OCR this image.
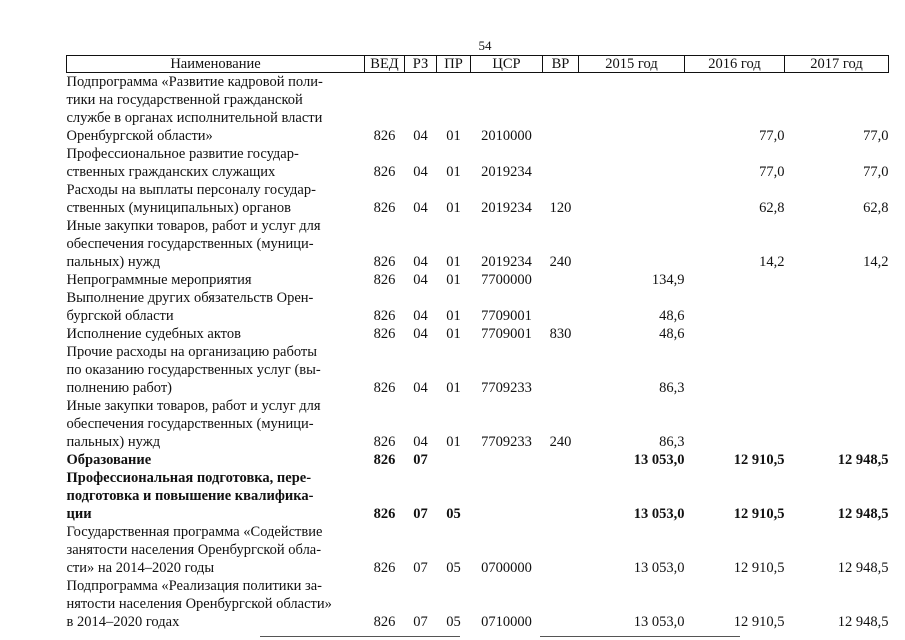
54
Наименование	ВЕД	РЗ	ПР	ЦСР	ВР	2015 год	2016 год	2017 год

Подпрограмма «Развитие кадровой поли-
тики на государственной гражданской
службе в органах исполнительной власти
Оренбургской области»	826	04	01	2010000			77,0	77,0

Профессиональное развитие государ-
ственных гражданских служащих	826	04	01	2019234			77,0	77,0

Расходы на выплаты персоналу государ-
ственных (муниципальных) органов	826	04	01	2019234	120		62,8	62,8

Иные закупки товаров, работ и услуг для
обеспечения государственных (муници-
пальных) нужд	826	04	01	2019234	240		14,2	14,2

Непрограммные мероприятия	826	04	01	7700000		134,9		

Выполнение других обязательств Орен-
бургской области	826	04	01	7709001		48,6		

Исполнение судебных актов	826	04	01	7709001	830	48,6		

Прочие расходы на организацию работы
по оказанию государственных услуг (вы-
полнению работ)	826	04	01	7709233		86,3		

Иные закупки товаров, работ и услуг для
обеспечения государственных (муници-
пальных) нужд	826	04	01	7709233	240	86,3		

Образование	826	07				13 053,0	12 910,5	12 948,5

Профессиональная подготовка, пере-
подготовка и повышение квалифика-
ции	826	07	05			13 053,0	12 910,5	12 948,5

Государственная программа «Содействие
занятости населения Оренбургской обла-
сти» на 2014–2020 годы	826	07	05	0700000		13 053,0	12 910,5	12 948,5

Подпрограмма «Реализация политики за-
нятости населения Оренбургской области»
в 2014–2020 годах	826	07	05	0710000		13 053,0	12 910,5	12 948,5
